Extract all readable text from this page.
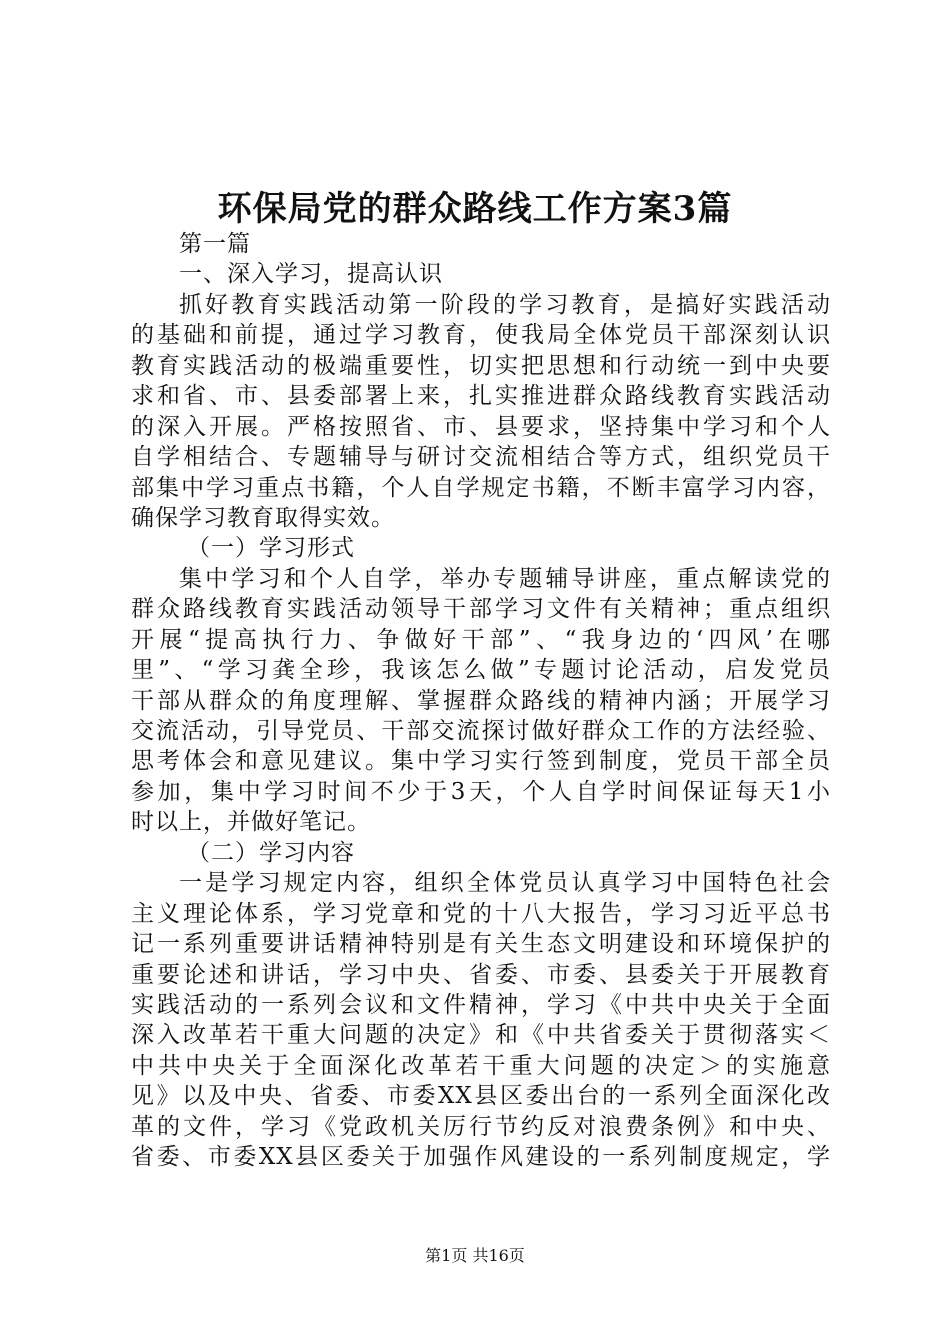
环保局党的群众路线工作方案3篇
第一篇
一、深入学习，提高认识
抓好教育实践活动第一阶段的学习教育，是搞好实践活动
的基础和前提，通过学习教育，使我局全体党员干部深刻认识
教育实践活动的极端重要性，切实把思想和行动统一到中央要
求和省、市、县委部署上来，扎实推进群众路线教育实践活动
的深入开展。严格按照省、市、县要求，坚持集中学习和个人
自学相结合、专题辅导与研讨交流相结合等方式，组织党员干
部集中学习重点书籍，个人自学规定书籍，不断丰富学习内容，
确保学习教育取得实效。
（一）学习形式
集中学习和个人自学，举办专题辅导讲座，重点解读党的
群众路线教育实践活动领导干部学习文件有关精神；重点组织
开展“提高执行力、争做好干部”、“我身边的‘四风’在哪
里”、“学习龚全珍，我该怎么做”专题讨论活动，启发党员
干部从群众的角度理解、掌握群众路线的精神内涵；开展学习
交流活动，引导党员、干部交流探讨做好群众工作的方法经验、
思考体会和意见建议。集中学习实行签到制度，党员干部全员
参加，集中学习时间不少于3天，个人自学时间保证每天1小
时以上，并做好笔记。
（二）学习内容
一是学习规定内容，组织全体党员认真学习中国特色社会
主义理论体系，学习党章和党的十八大报告，学习习近平总书
记一系列重要讲话精神特别是有关生态文明建设和环境保护的
重要论述和讲话，学习中央、省委、市委、县委关于开展教育
实践活动的一系列会议和文件精神，学习《中共中央关于全面
深入改革若干重大问题的决定》和《中共省委关于贯彻落实＜
中共中央关于全面深化改革若干重大问题的决定＞的实施意
见》以及中央、省委、市委XX县区委出台的一系列全面深化改
革的文件，学习《党政机关厉行节约反对浪费条例》和中央、
省委、市委XX县区委关于加强作风建设的一系列制度规定，学
第1页 共16页
